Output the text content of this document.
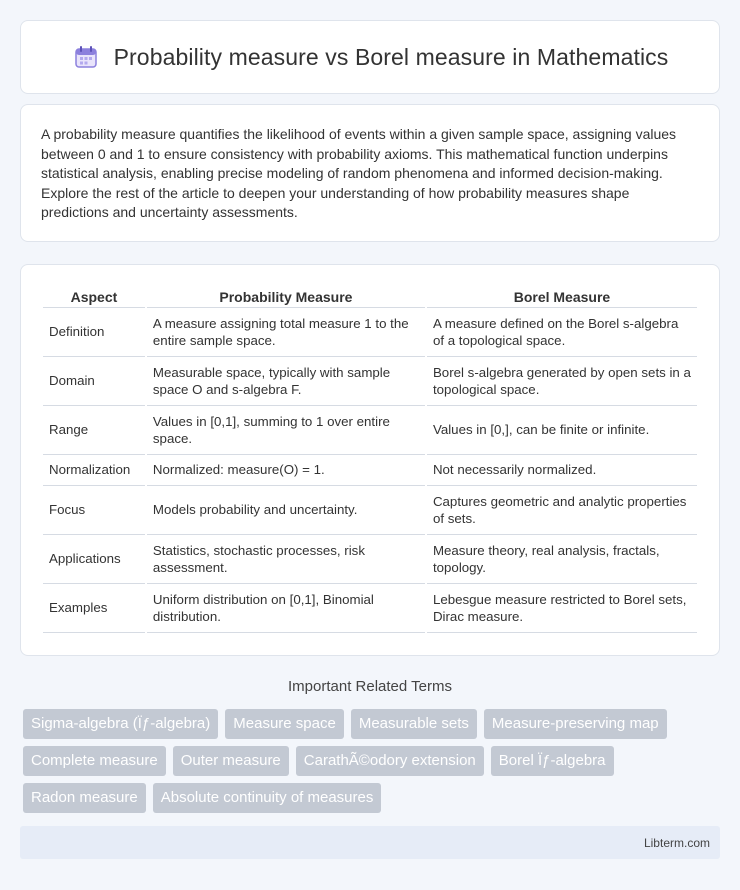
Probability measure vs Borel measure in Mathematics

A probability measure quantifies the likelihood of events within a given sample space, assigning values between 0 and 1 to ensure consistency with probability axioms. This mathematical function underpins statistical analysis, enabling precise modeling of random phenomena and informed decision-making. Explore the rest of the article to deepen your understanding of how probability measures shape predictions and uncertainty assessments.

Aspect	Probability Measure	Borel Measure
Definition	A measure assigning total measure 1 to the entire sample space.	A measure defined on the Borel s-algebra of a topological space.
Domain	Measurable space, typically with sample space O and s-algebra F.	Borel s-algebra generated by open sets in a topological space.
Range	Values in [0,1], summing to 1 over entire space.	Values in [0,], can be finite or infinite.
Normalization	Normalized: measure(O) = 1.	Not necessarily normalized.
Focus	Models probability and uncertainty.	Captures geometric and analytic properties of sets.
Applications	Statistics, stochastic processes, risk assessment.	Measure theory, real analysis, fractals, topology.
Examples	Uniform distribution on [0,1], Binomial distribution.	Lebesgue measure restricted to Borel sets, Dirac measure.
Important Related Terms
Sigma-algebra (Ïƒ-algebra)	Measure space	Measurable sets	Measure-preserving map
Complete measure	Outer measure	CarathÃ©odory extension	Borel Ïƒ-algebra
Radon measure	Absolute continuity of measures
Libterm.com
